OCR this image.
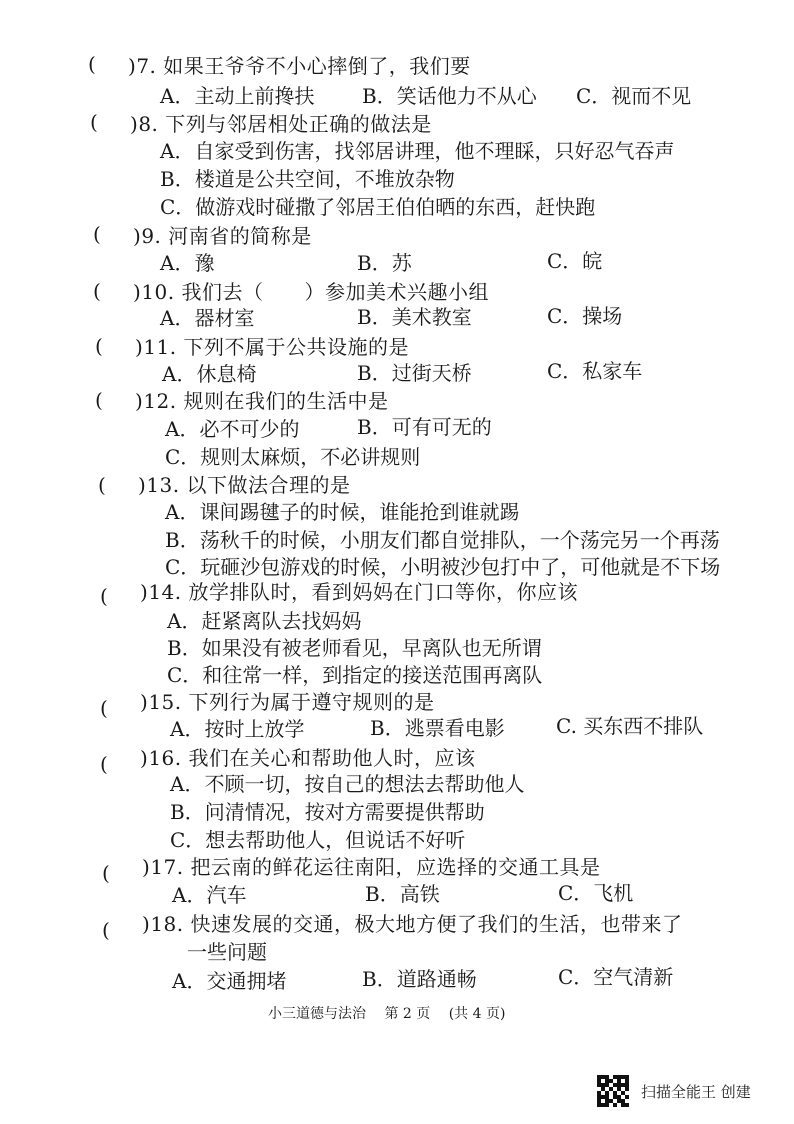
( )7. 如果王爷爷不小心摔倒了，我们要
A．主动上前搀扶 B．笑话他力不从心 C．视而不见
( )8. 下列与邻居相处正确的做法是
A．自家受到伤害，找邻居讲理，他不理睬，只好忍气吞声
B．楼道是公共空间，不堆放杂物
C．做游戏时碰撒了邻居王伯伯晒的东西，赶快跑
( )9. 河南省的简称是
A．豫	B．苏	C．皖
( )10. 我们去（　　）参加美术兴趣小组
A．器材室	B．美术教室	C．操场
( )11. 下列不属于公共设施的是
A．休息椅	B．过街天桥	C．私家车
( )12. 规则在我们的生活中是
A．必不可少的	B．可有可无的
C．规则太麻烦，不必讲规则
( )13. 以下做法合理的是
A．课间踢毽子的时候，谁能抢到谁就踢
B．荡秋千的时候，小朋友们都自觉排队，一个荡完另一个再荡
C．玩砸沙包游戏的时候，小明被沙包打中了，可他就是不下场
( )14. 放学排队时，看到妈妈在门口等你，你应该
A．赶紧离队去找妈妈
B．如果没有被老师看见，早离队也无所谓
C．和往常一样，到指定的接送范围再离队
( )15. 下列行为属于遵守规则的是
A．按时上放学	B．逃票看电影	C. 买东西不排队
( )16. 我们在关心和帮助他人时，应该
A．不顾一切，按自己的想法去帮助他人
B．问清情况，按对方需要提供帮助
C．想去帮助他人，但说话不好听
( )17. 把云南的鲜花运往南阳，应选择的交通工具是
A．汽车	B．高铁	C．飞机
( )18. 快速发展的交通，极大地方便了我们的生活，也带来了
一些问题
A．交通拥堵	B．道路通畅	C．空气清新
小三道德与法治 第 2 页 (共 4 页)
扫描全能王 创建
